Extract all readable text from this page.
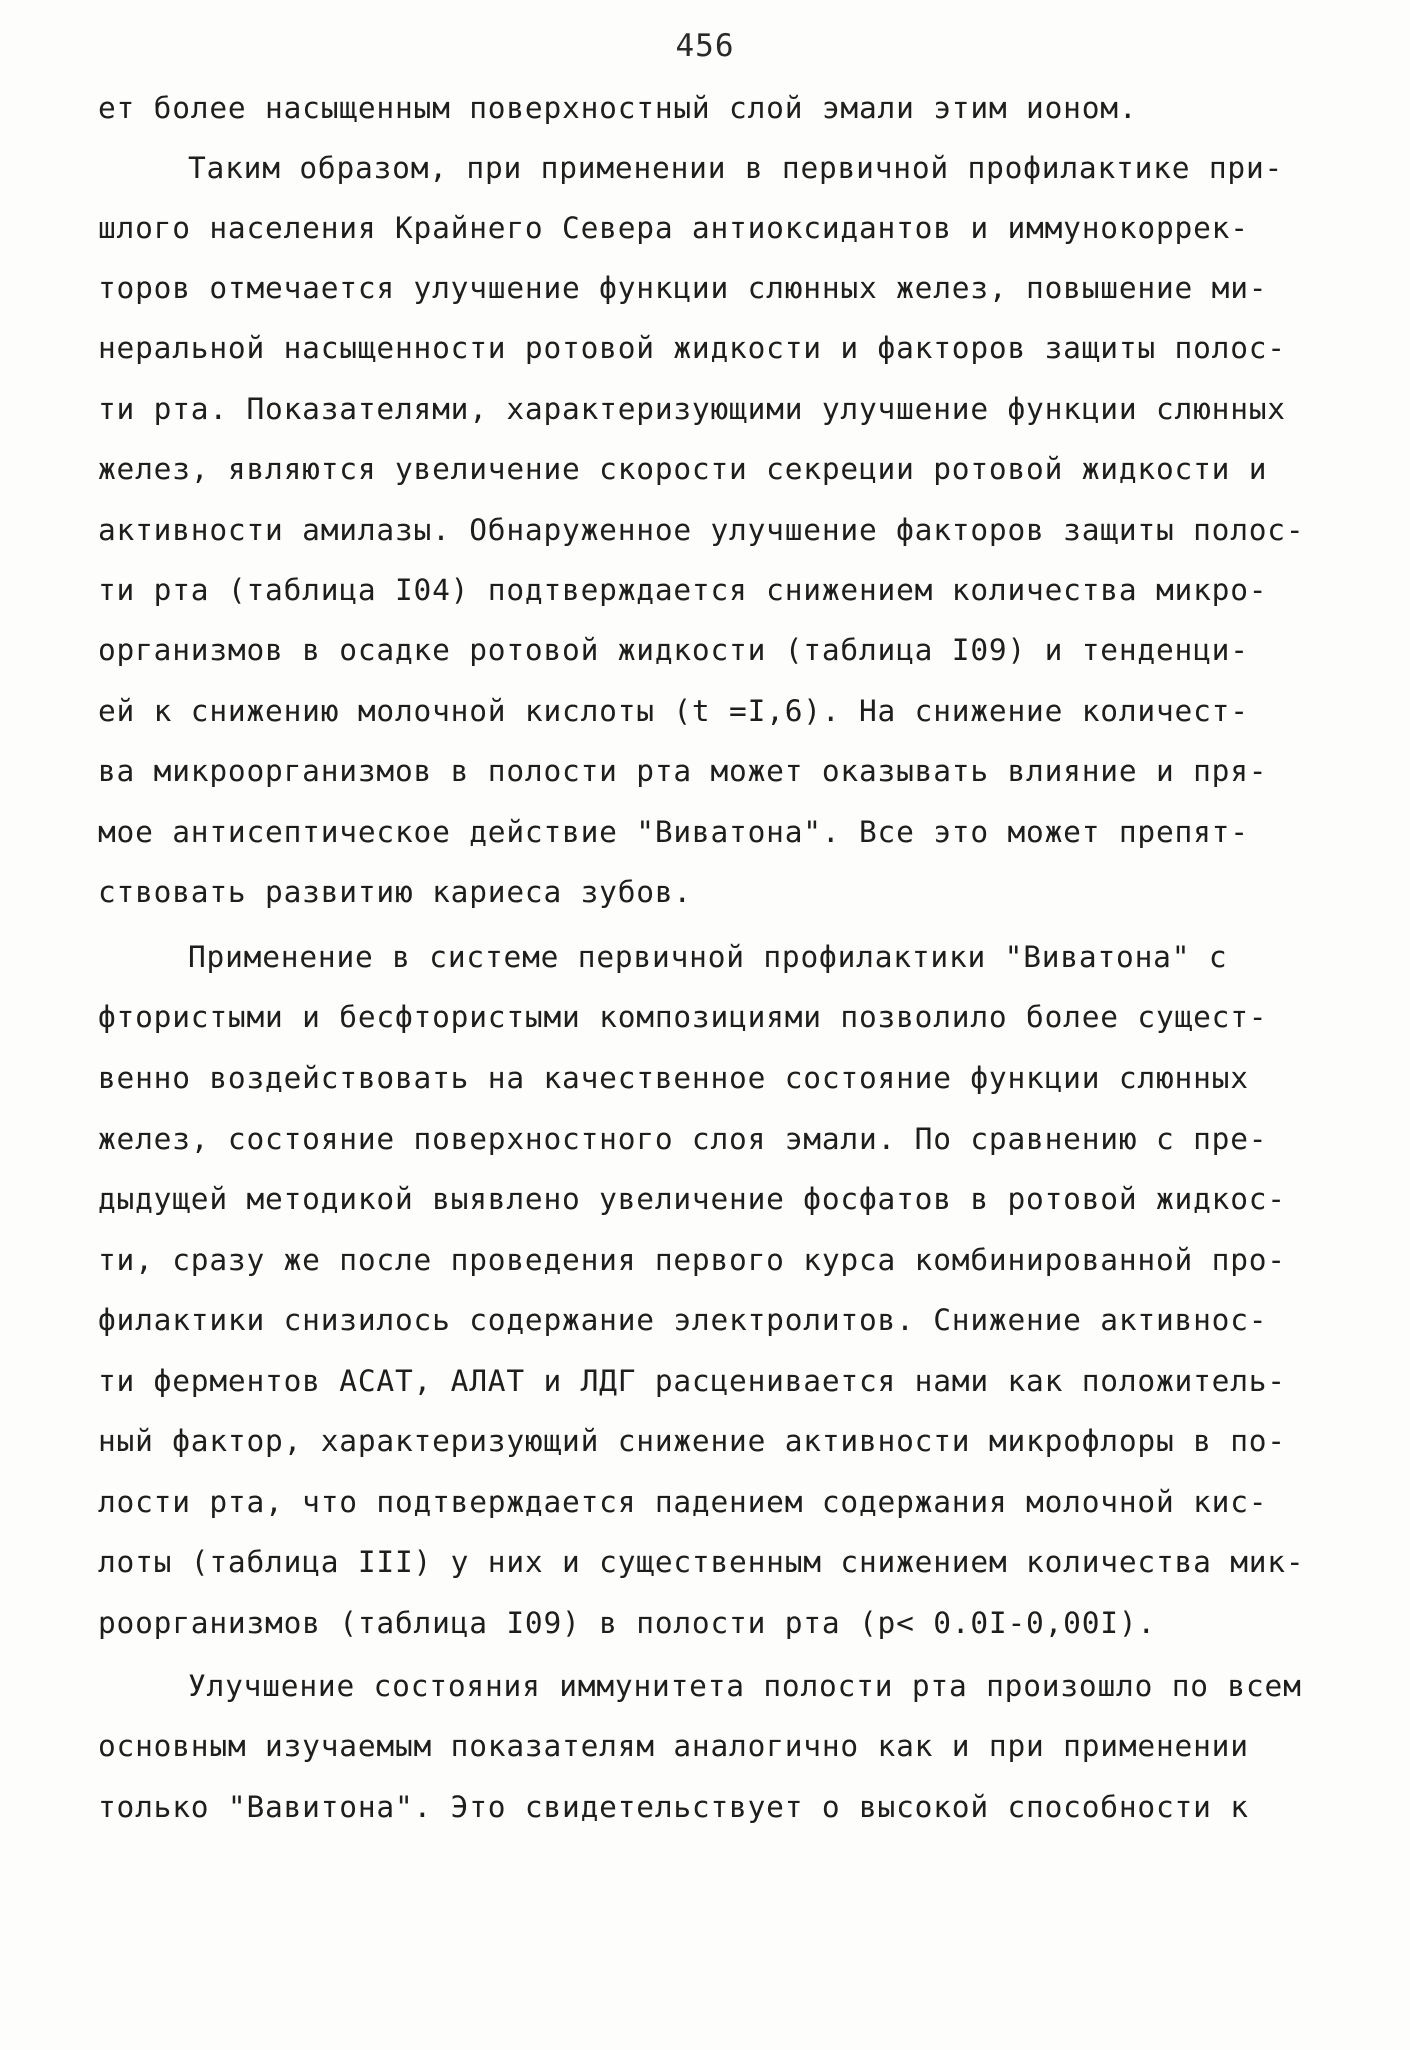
456
ет более насыщенным поверхностный слой эмали этим ионом.
Таким образом, при применении в первичной профилактике при-
шлого населения Крайнего Севера антиоксидантов и иммунокоррек-
торов отмечается улучшение функции слюнных желез, повышение ми-
неральной насыщенности ротовой жидкости и факторов защиты полос-
ти рта. Показателями, характеризующими улучшение функции слюнных
желез, являются увеличение скорости секреции ротовой жидкости и
активности амилазы. Обнаруженное улучшение факторов защиты полос-
ти рта (таблица I04) подтверждается снижением количества микро-
организмов в осадке ротовой жидкости (таблица I09) и тенденци-
ей к снижению молочной кислоты (t =I,6). На снижение количест-
ва микроорганизмов в полости рта может оказывать влияние и пря-
мое антисептическое действие "Виватона". Все это может препят-
ствовать развитию кариеса зубов.
Применение в системе первичной профилактики "Виватона" с
фтористыми и бесфтористыми композициями позволило более сущест-
венно воздействовать на качественное состояние функции слюнных
желез, состояние поверхностного слоя эмали. По сравнению с пре-
дыдущей методикой выявлено увеличение фосфатов в ротовой жидкос-
ти, сразу же после проведения первого курса комбинированной про-
филактики снизилось содержание электролитов. Снижение активнос-
ти ферментов АСАТ, АЛАТ и ЛДГ расценивается нами как положитель-
ный фактор, характеризующий снижение активности микрофлоры в по-
лости рта, что подтверждается падением содержания молочной кис-
лоты (таблица III) у них и существенным снижением количества мик-
роорганизмов (таблица I09) в полости рта (р< 0.0I-0,00I).
Улучшение состояния иммунитета полости рта произошло по всем
основным изучаемым показателям аналогично как и при применении
только "Вавитона". Это свидетельствует о высокой способности к
